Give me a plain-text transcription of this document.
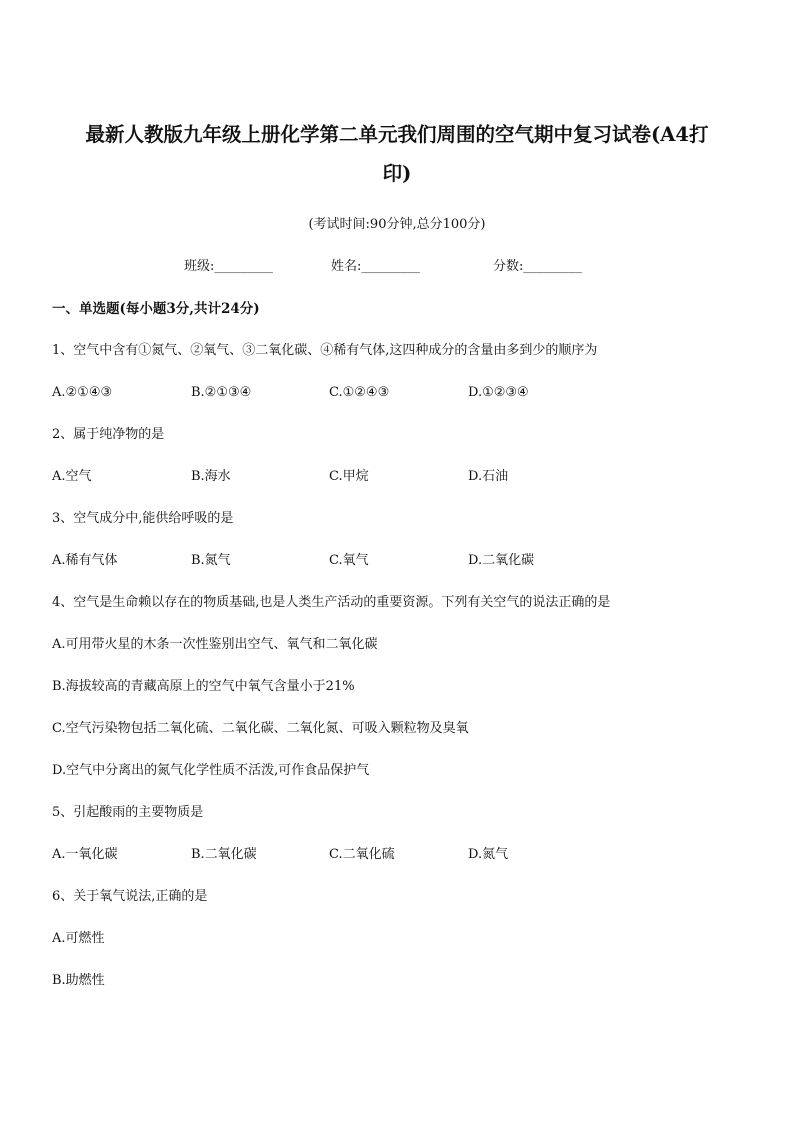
最新人教版九年级上册化学第二单元我们周围的空气期中复习试卷(A4打
印)
(考试时间:90分钟,总分100分)
班级:_________	姓名:_________	分数:_________
一、单选题(每小题3分,共计24分)
1、空气中含有①氮气、②氧气、③二氧化碳、④稀有气体,这四种成分的含量由多到少的顺序为
A.②①④③	B.②①③④	C.①②④③	D.①②③④
2、属于纯净物的是
A.空气	B.海水	C.甲烷	D.石油
3、空气成分中,能供给呼吸的是
A.稀有气体	B.氮气	C.氧气	D.二氧化碳
4、空气是生命赖以存在的物质基础,也是人类生产活动的重要资源。下列有关空气的说法正确的是
A.可用带火星的木条一次性鉴别出空气、氧气和二氧化碳
B.海拔较高的青藏高原上的空气中氧气含量小于21%
C.空气污染物包括二氧化硫、二氧化碳、二氧化氮、可吸入颗粒物及臭氧
D.空气中分离出的氮气化学性质不活泼,可作食品保护气
5、引起酸雨的主要物质是
A.一氧化碳	B.二氧化碳	C.二氧化硫	D.氮气
6、关于氧气说法,正确的是
A.可燃性
B.助燃性
